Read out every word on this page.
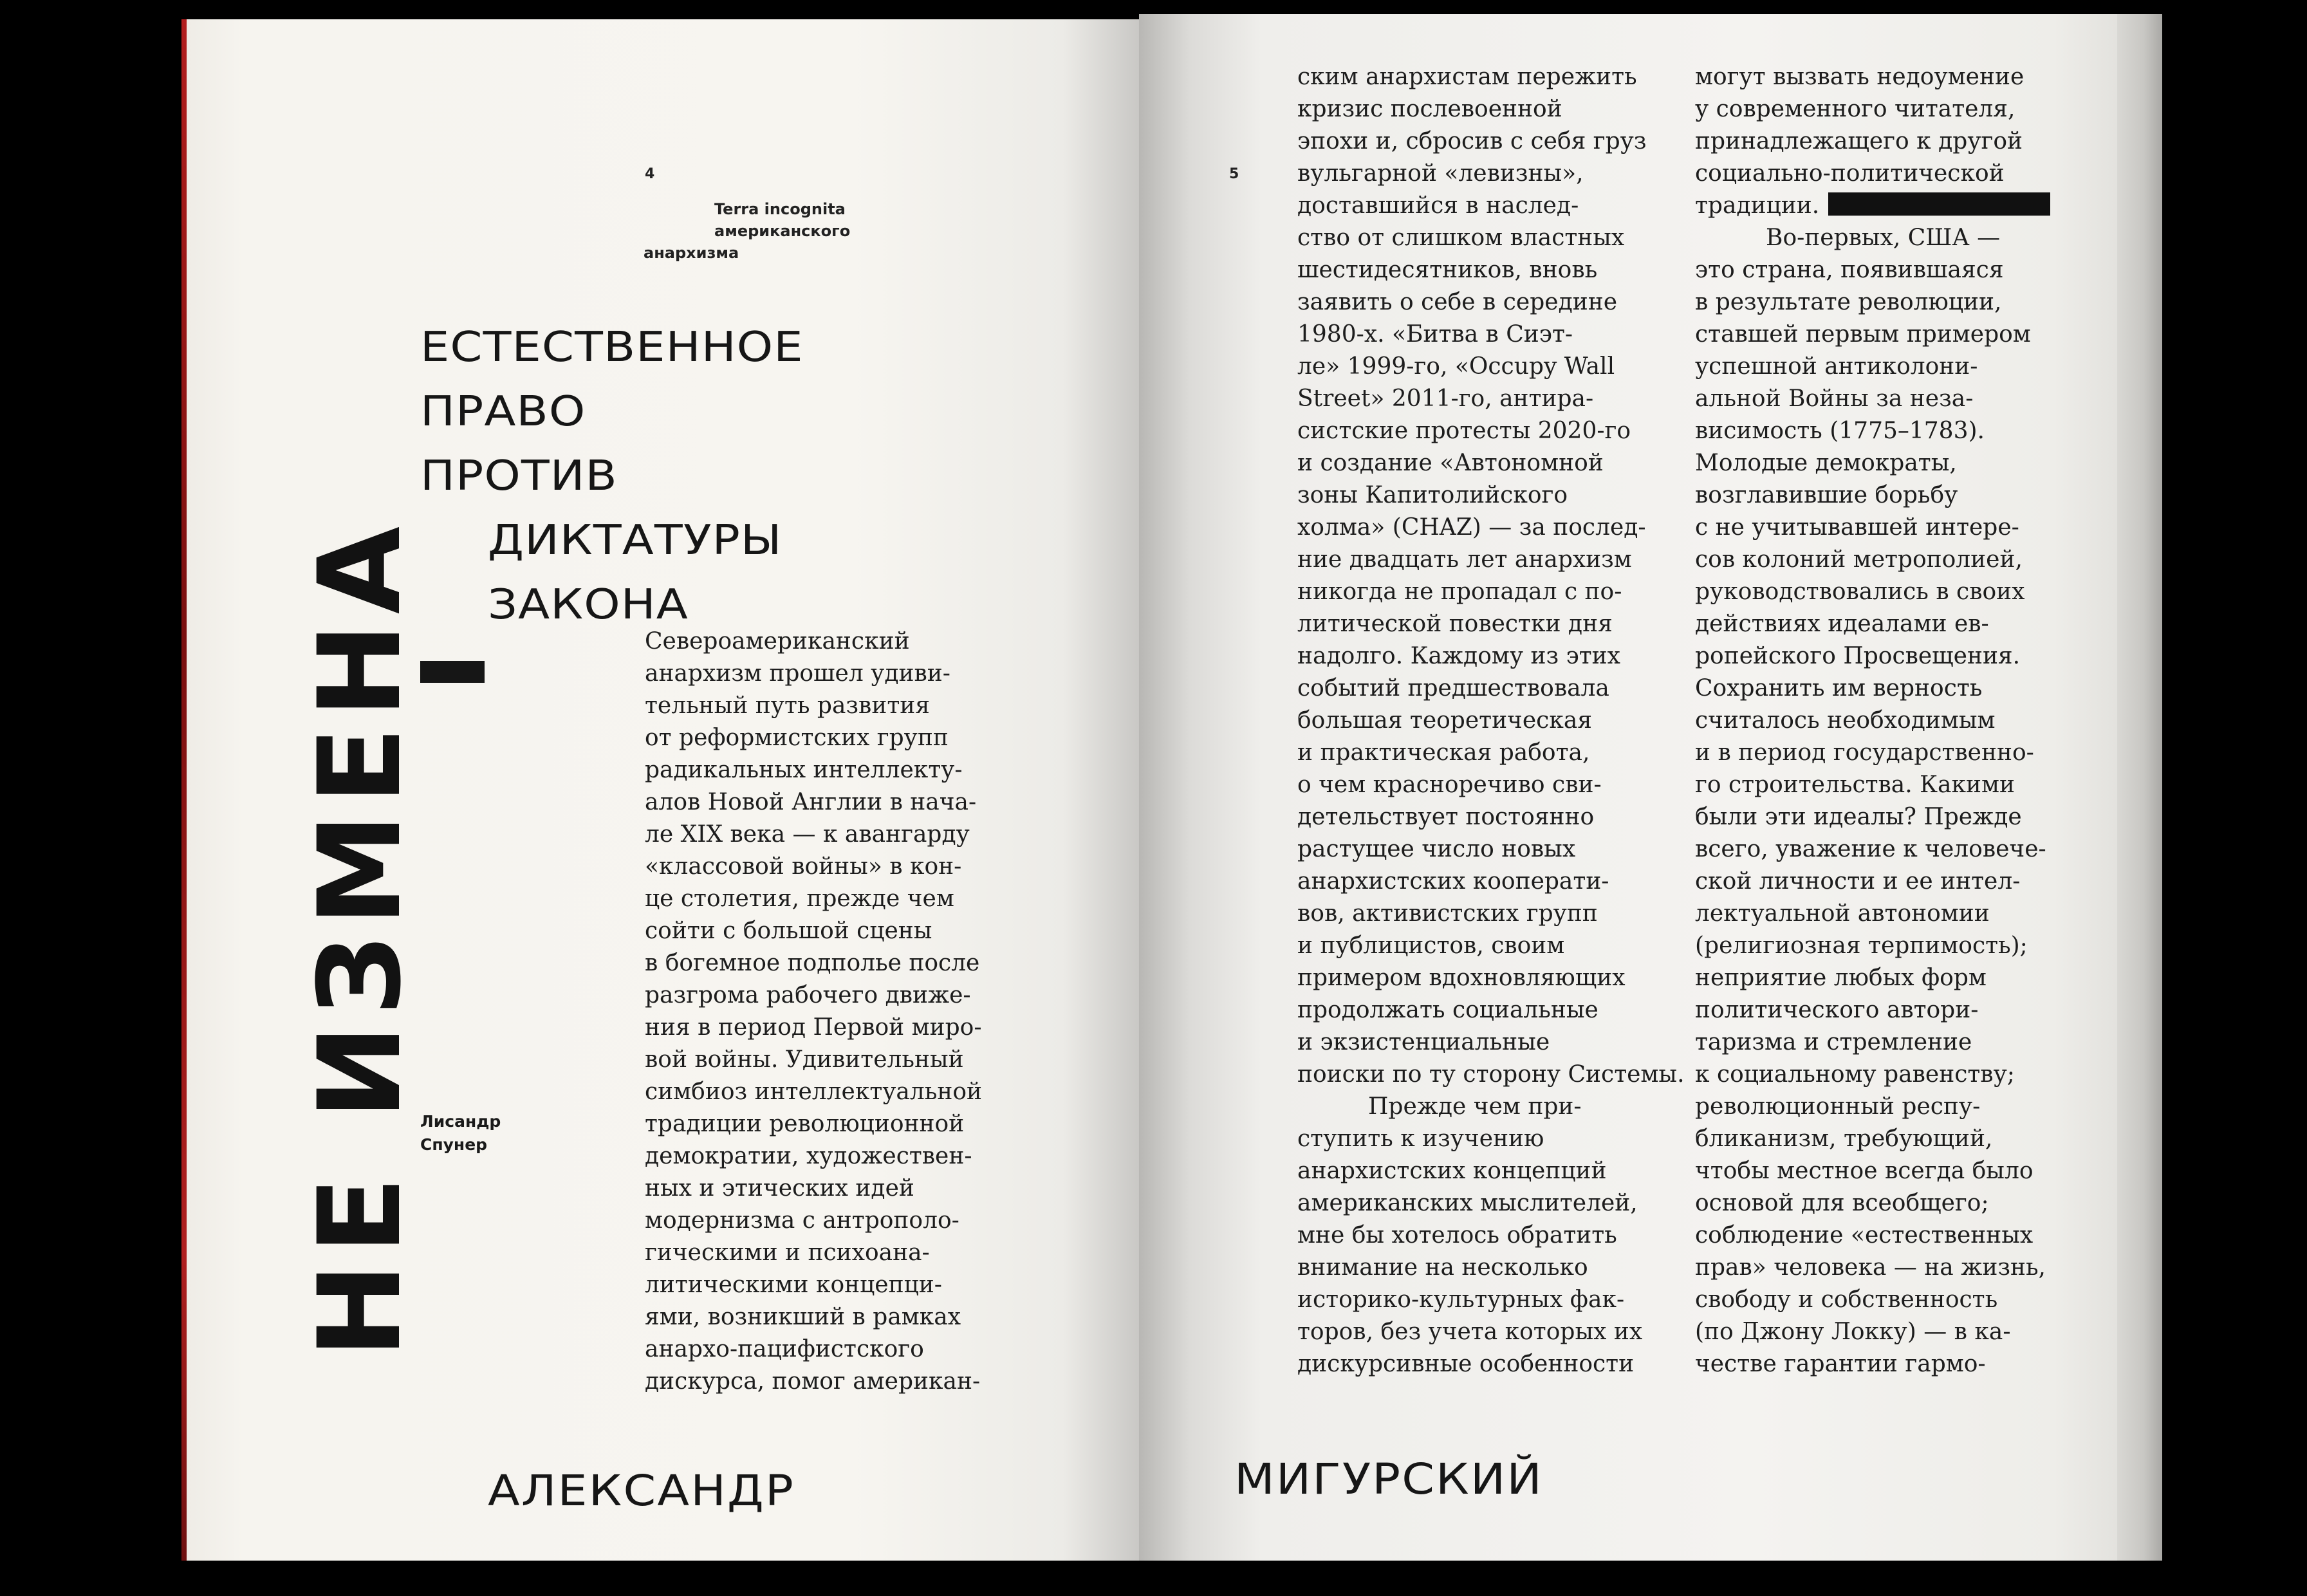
4
Terra incognita
американского
анархизма
ЕСТЕСТВЕННОЕ
ПРАВО
ПРОТИВ
ДИКТАТУРЫ
ЗАКОНА
НЕ ИЗМЕНА
Лисандр
Спунер
Североамериканский
анархизм прошел удиви-
тельный путь развития
от реформистских групп
радикальных интеллекту-
алов Новой Англии в нача-
ле XIX века — к авангарду
«классовой войны» в кон-
це столетия, прежде чем
сойти с большой сцены
в богемное подполье после
разгрома рабочего движе-
ния в период Первой миро-
вой войны. Удивительный
симбиоз интеллектуальной
традиции революционной
демократии, художествен-
ных и этических идей
модернизма с антрополо-
гическими и психоана-
литическими концепци-
ями, возникший в рамках
анархо-пацифистского
дискурса, помог американ-
АЛЕКСАНДР
5
ским анархистам пережить
кризис послевоенной
эпохи и, сбросив с себя груз
вульгарной «левизны»,
доставшийся в наслед-
ство от слишком властных
шестидесятников, вновь
заявить о себе в середине
1980-х. «Битва в Сиэт-
ле» 1999-го, «Occupy Wall
Street» 2011-го, антира-
систские протесты 2020-го
и создание «Автономной
зоны Капитолийского
холма» (CHAZ) — за послед-
ние двадцать лет анархизм
никогда не пропадал с по-
литической повестки дня
надолго. Каждому из этих
событий предшествовала
большая теоретическая
и практическая работа,
о чем красноречиво сви-
детельствует постоянно
растущее число новых
анархистских кооперати-
вов, активистских групп
и публицистов, своим
примером вдохновляющих
продолжать социальные
и экзистенциальные
поиски по ту сторону Системы.
Прежде чем при-
ступить к изучению
анархистских концепций
американских мыслителей,
мне бы хотелось обратить
внимание на несколько
историко-культурных фак-
торов, без учета которых их
дискурсивные особенности
могут вызвать недоумение
у современного читателя,
принадлежащего к другой
социально-политической
традиции.
Во-первых, США —
это страна, появившаяся
в результате революции,
ставшей первым примером
успешной антиколони-
альной Войны за неза-
висимость (1775–1783).
Молодые демократы,
возглавившие борьбу
с не учитывавшей интере-
сов колоний метрополией,
руководствовались в своих
действиях идеалами ев-
ропейского Просвещения.
Сохранить им верность
считалось необходимым
и в период государственно-
го строительства. Какими
были эти идеалы? Прежде
всего, уважение к человече-
ской личности и ее интел-
лектуальной автономии
(религиозная терпимость);
неприятие любых форм
политического автори-
таризма и стремление
к социальному равенству;
революционный респу-
бликанизм, требующий,
чтобы местное всегда было
основой для всеобщего;
соблюдение «естественных
прав» человека — на жизнь,
свободу и собственность
(по Джону Локку) — в ка-
честве гарантии гармо-
МИГУРСКИЙ
